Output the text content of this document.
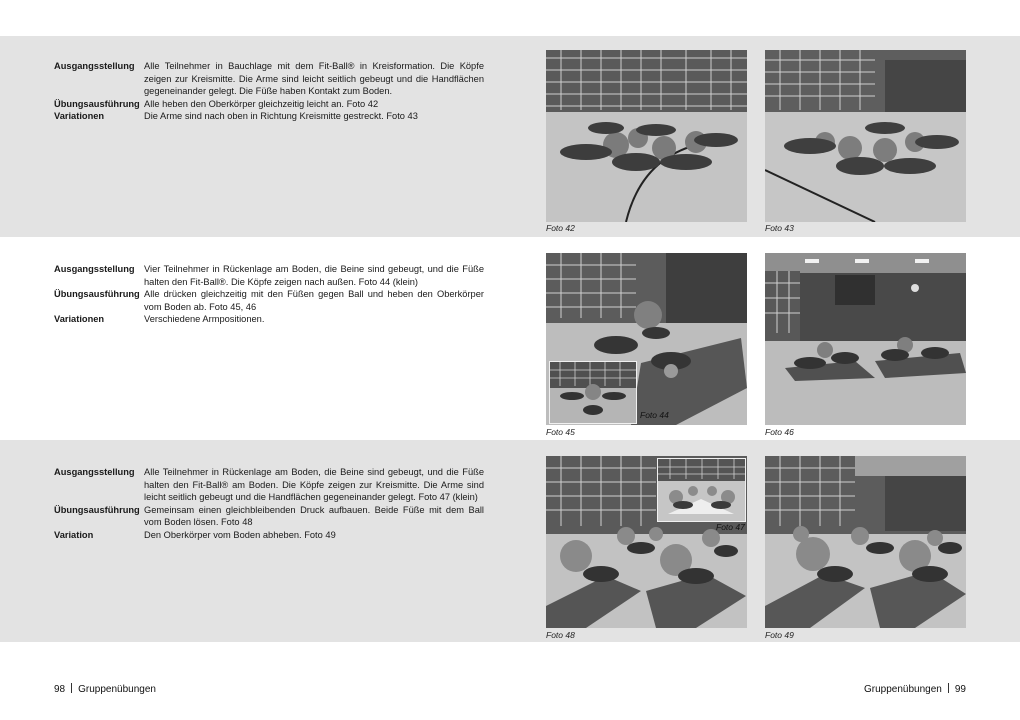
Ausgangsstellung	Alle Teilnehmer in Bauchlage mit dem Fit-Ball® in Kreisformation. Die Köpfe zeigen zur Kreismitte. Die Arme sind leicht seitlich gebeugt und die Handflächen gegeneinander gelegt. Die Füße haben Kontakt zum Boden.
Übungsausführung Alle heben den Oberkörper gleichzeitig leicht an. Foto 42
Variationen	Die Arme sind nach oben in Richtung Kreismitte gestreckt. Foto 43
Foto 42	Foto 43
Ausgangsstellung	Vier Teilnehmer in Rückenlage am Boden, die Beine sind gebeugt, und die Füße halten den Fit-Ball®. Die Köpfe zeigen nach außen. Foto 44 (klein)
Übungsausführung Alle drücken gleichzeitig mit den Füßen gegen Ball und heben den Oberkörper vom Boden ab. Foto 45, 46
Variationen	Verschiedene Armpositionen.
Foto 44
Foto 45	Foto 46
Ausgangsstellung	Alle Teilnehmer in Rückenlage am Boden, die Beine sind gebeugt, und die Füße halten den Fit-Ball® am Boden. Die Köpfe zeigen zur Kreismitte. Die Arme sind leicht seitlich gebeugt und die Handflächen gegeneinander gelegt. Foto 47 (klein)
Übungsausführung Gemeinsam einen gleichbleibenden Druck aufbauen. Beide Füße mit dem Ball vom Boden lösen. Foto 48
Variation	Den Oberkörper vom Boden abheben. Foto 49
Foto 47
Foto 48	Foto 49
98 Gruppenübungen	Gruppenübungen 99
